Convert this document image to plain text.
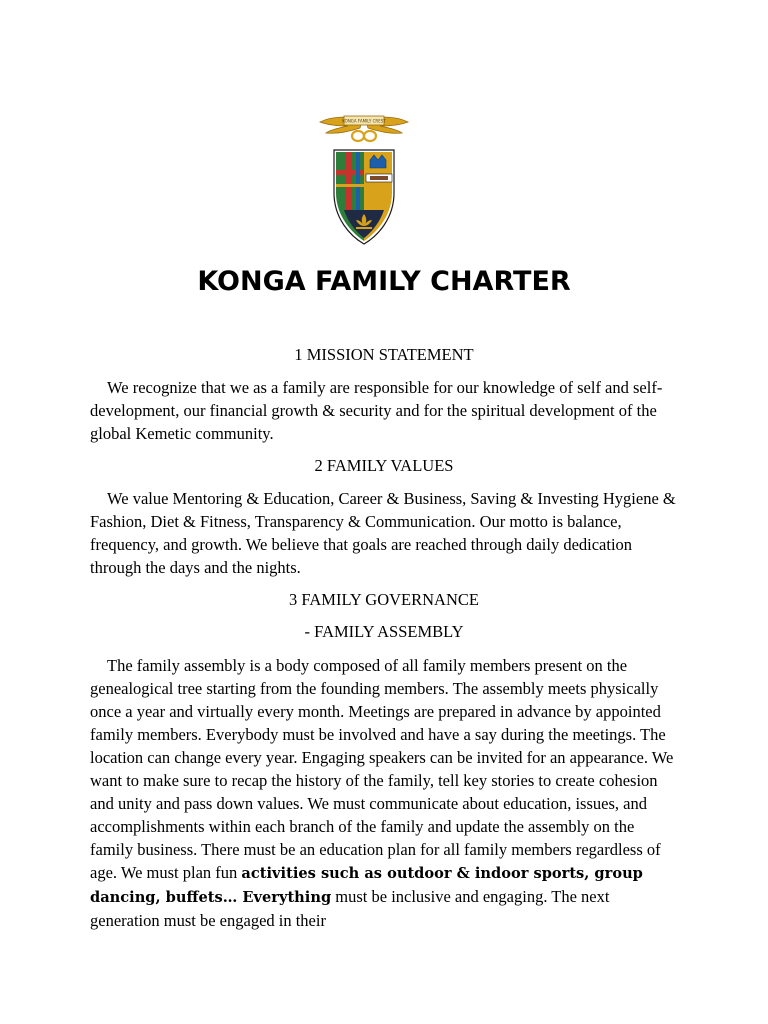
KONGA FAMILY CREST
KONGA FAMILY CHARTER

1 MISSION STATEMENT

We recognize that we as a family are responsible for our knowledge of self and self-development, our financial growth & security and for the spiritual development of the global Kemetic community.

2 FAMILY VALUES

We value Mentoring & Education, Career & Business, Saving & Investing Hygiene & Fashion, Diet & Fitness, Transparency & Communication. Our motto is balance, frequency, and growth. We believe that goals are reached through daily dedication through the days and the nights.

3 FAMILY GOVERNANCE

- FAMILY ASSEMBLY

The family assembly is a body composed of all family members present on the genealogical tree starting from the founding members. The assembly meets physically once a year and virtually every month. Meetings are prepared in advance by appointed family members. Everybody must be involved and have a say during the meetings. The location can change every year. Engaging speakers can be invited for an appearance. We want to make sure to recap the history of the family, tell key stories to create cohesion and unity and pass down values. We must communicate about education, issues, and accomplishments within each branch of the family and update the assembly on the family business. There must be an education plan for all family members regardless of age. We must plan fun activities such as outdoor & indoor sports, group dancing, buffets… Everything must be inclusive and engaging. The next generation must be engaged in their
